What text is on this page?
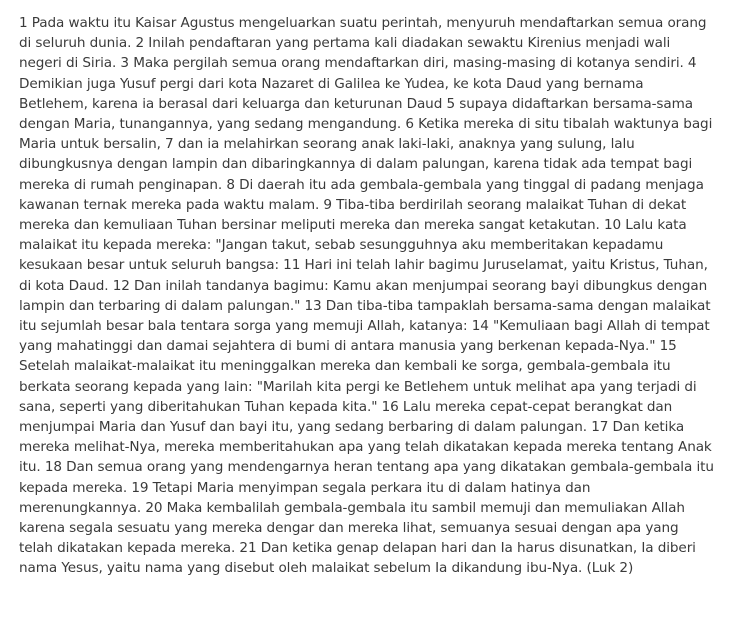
1 Pada waktu itu Kaisar Agustus mengeluarkan suatu perintah, menyuruh mendaftarkan semua orang di seluruh dunia. 2 Inilah pendaftaran yang pertama kali diadakan sewaktu Kirenius menjadi wali negeri di Siria. 3 Maka pergilah semua orang mendaftarkan diri, masing-masing di kotanya sendiri. 4 Demikian juga Yusuf pergi dari kota Nazaret di Galilea ke Yudea, ke kota Daud yang bernama Betlehem, karena ia berasal dari keluarga dan keturunan Daud 5 supaya didaftarkan bersama-sama dengan Maria, tunangannya, yang sedang mengandung. 6 Ketika mereka di situ tibalah waktunya bagi Maria untuk bersalin, 7 dan ia melahirkan seorang anak laki-laki, anaknya yang sulung, lalu dibungkusnya dengan lampin dan dibaringkannya di dalam palungan, karena tidak ada tempat bagi mereka di rumah penginapan. 8 Di daerah itu ada gembala-gembala yang tinggal di padang menjaga kawanan ternak mereka pada waktu malam. 9 Tiba-tiba berdirilah seorang malaikat Tuhan di dekat mereka dan kemuliaan Tuhan bersinar meliputi mereka dan mereka sangat ketakutan. 10 Lalu kata malaikat itu kepada mereka: "Jangan takut, sebab sesungguhnya aku memberitakan kepadamu kesukaan besar untuk seluruh bangsa: 11 Hari ini telah lahir bagimu Juruselamat, yaitu Kristus, Tuhan, di kota Daud. 12 Dan inilah tandanya bagimu: Kamu akan menjumpai seorang bayi dibungkus dengan lampin dan terbaring di dalam palungan." 13 Dan tiba-tiba tampaklah bersama-sama dengan malaikat itu sejumlah besar bala tentara sorga yang memuji Allah, katanya: 14 "Kemuliaan bagi Allah di tempat yang mahatinggi dan damai sejahtera di bumi di antara manusia yang berkenan kepada-Nya." 15 Setelah malaikat-malaikat itu meninggalkan mereka dan kembali ke sorga, gembala-gembala itu berkata seorang kepada yang lain: "Marilah kita pergi ke Betlehem untuk melihat apa yang terjadi di sana, seperti yang diberitahukan Tuhan kepada kita." 16 Lalu mereka cepat-cepat berangkat dan menjumpai Maria dan Yusuf dan bayi itu, yang sedang berbaring di dalam palungan. 17 Dan ketika mereka melihat-Nya, mereka memberitahukan apa yang telah dikatakan kepada mereka tentang Anak itu. 18 Dan semua orang yang mendengarnya heran tentang apa yang dikatakan gembala-gembala itu kepada mereka. 19 Tetapi Maria menyimpan segala perkara itu di dalam hatinya dan merenungkannya. 20 Maka kembalilah gembala-gembala itu sambil memuji dan memuliakan Allah karena segala sesuatu yang mereka dengar dan mereka lihat, semuanya sesuai dengan apa yang telah dikatakan kepada mereka. 21 Dan ketika genap delapan hari dan Ia harus disunatkan, Ia diberi nama Yesus, yaitu nama yang disebut oleh malaikat sebelum Ia dikandung ibu-Nya. (Luk 2)
